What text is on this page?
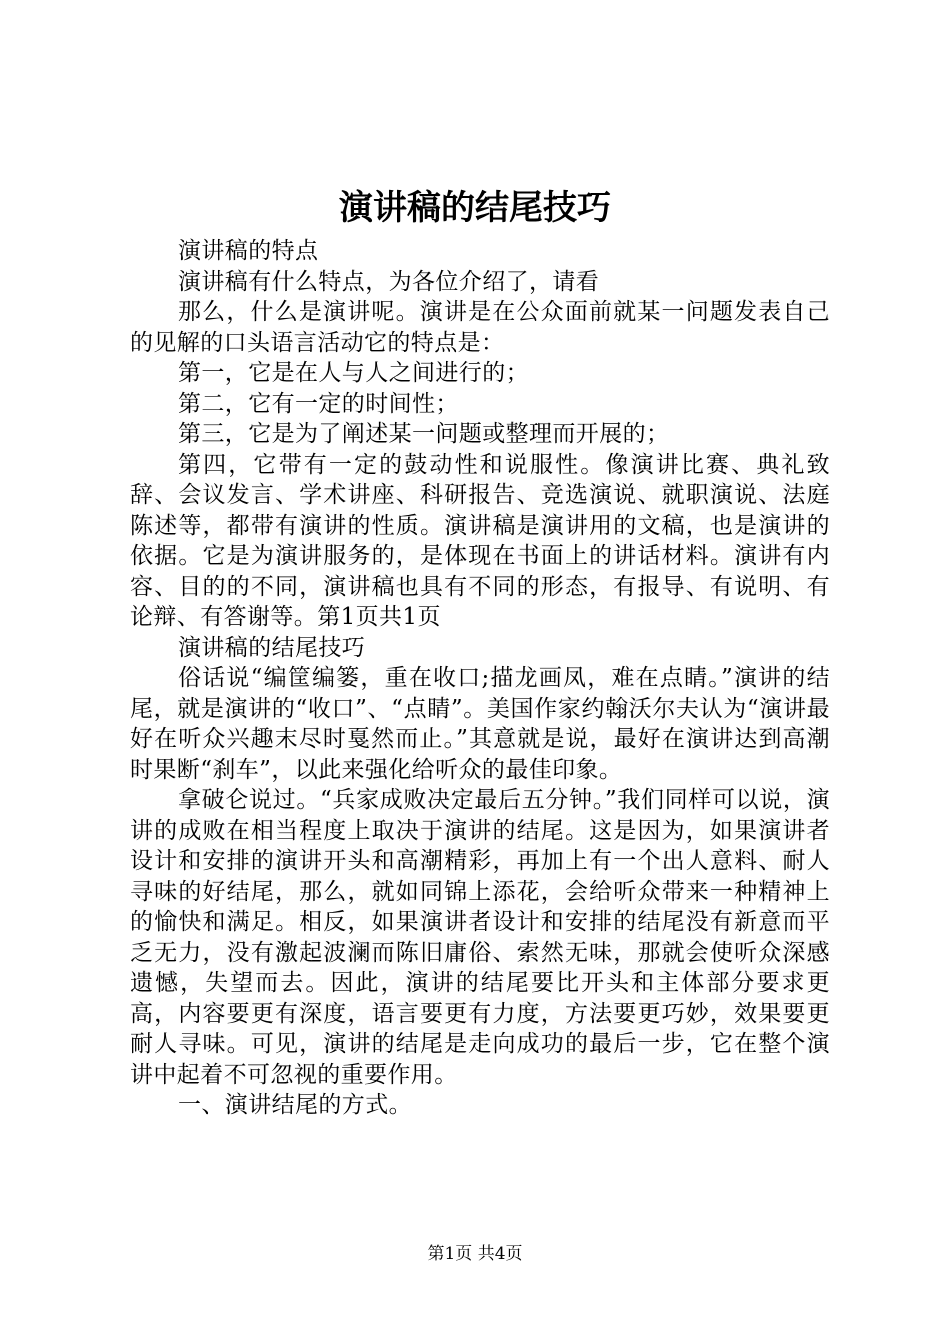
演讲稿的结尾技巧

演讲稿的特点

演讲稿有什么特点，为各位介绍了，请看

那么，什么是演讲呢。演讲是在公众面前就某一问题发表自己的见解的口头语言活动它的特点是：

第一，它是在人与人之间进行的；

第二，它有一定的时间性；

第三，它是为了阐述某一问题或整理而开展的；

第四，它带有一定的鼓动性和说服性。像演讲比赛、典礼致辞、会议发言、学术讲座、科研报告、竞选演说、就职演说、法庭陈述等，都带有演讲的性质。演讲稿是演讲用的文稿，也是演讲的依据。它是为演讲服务的，是体现在书面上的讲话材料。演讲有内容、目的的不同，演讲稿也具有不同的形态，有报导、有说明、有论辩、有答谢等。第1页共1页

演讲稿的结尾技巧

俗话说“编筐编篓，重在收口;描龙画凤，难在点睛。”演讲的结尾，就是演讲的“收口”、“点睛”。美国作家约翰沃尔夫认为“演讲最好在听众兴趣末尽时戛然而止。”其意就是说，最好在演讲达到高潮时果断“刹车”，以此来强化给听众的最佳印象。

拿破仑说过。“兵家成败决定最后五分钟。”我们同样可以说，演讲的成败在相当程度上取决于演讲的结尾。这是因为，如果演讲者设计和安排的演讲开头和高潮精彩，再加上有一个出人意料、耐人寻味的好结尾，那么，就如同锦上添花，会给听众带来一种精神上的愉快和满足。相反，如果演讲者设计和安排的结尾没有新意而平乏无力，没有激起波澜而陈旧庸俗、索然无味，那就会使听众深感遗憾，失望而去。因此，演讲的结尾要比开头和主体部分要求更高，内容要更有深度，语言要更有力度，方法要更巧妙，效果要更耐人寻味。可见，演讲的结尾是走向成功的最后一步，它在整个演讲中起着不可忽视的重要作用。

一、演讲结尾的方式。

第1页 共4页
